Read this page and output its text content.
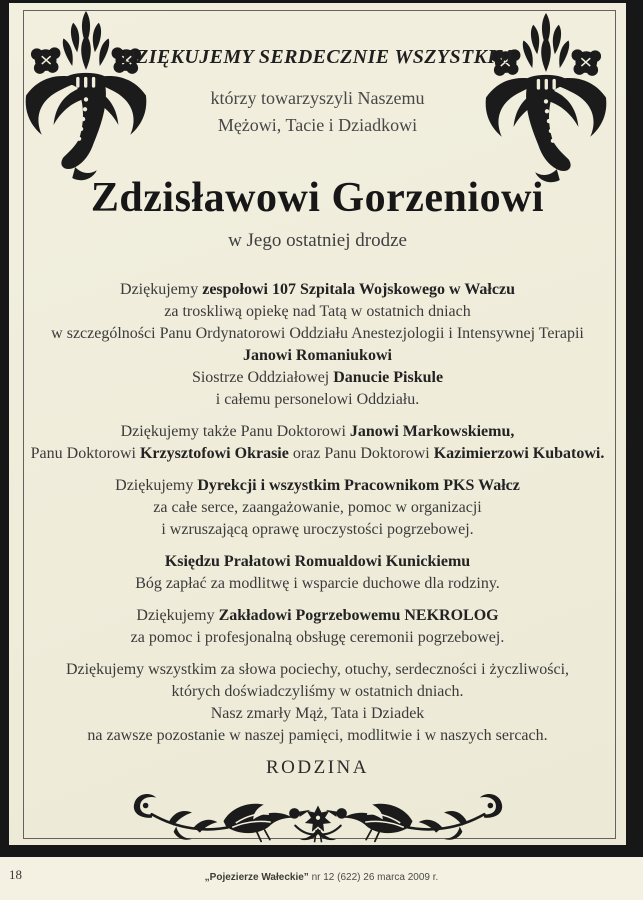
DZIĘKUJEMY SERDECZNIE WSZYSTKIM
którzy towarzyszyli Naszemu
Mężowi, Tacie i Dziadkowi
Zdzisławowi Gorzeniowi
w Jego ostatniej drodze
Dziękujemy zespołowi 107 Szpitala Wojskowego w Wałczu
za troskliwą opiekę nad Tatą w ostatnich dniach
w szczególności Panu Ordynatorowi Oddziału Anestezjologii i Intensywnej Terapii
Janowi Romaniukowi
Siostrze Oddziałowej Danucie Piskule
i całemu personelowi Oddziału.
Dziękujemy także Panu Doktorowi Janowi Markowskiemu,
Panu Doktorowi Krzysztofowi Okrasie oraz Panu Doktorowi Kazimierzowi Kubatowi.
Dziękujemy Dyrekcji i wszystkim Pracownikom PKS Wałcz
za całe serce, zaangażowanie, pomoc w organizacji
i wzruszającą oprawę uroczystości pogrzebowej.
Księdzu Prałatowi Romualdowi Kunickiemu
Bóg zapłać za modlitwę i wsparcie duchowe dla rodziny.
Dziękujemy Zakładowi Pogrzebowemu NEKROLOG
za pomoc i profesjonalną obsługę ceremonii pogrzebowej.
Dziękujemy wszystkim za słowa pociechy, otuchy, serdeczności i życzliwości,
których doświadczyliśmy w ostatnich dniach.
Nasz zmarły Mąż, Tata i Dziadek
na zawsze pozostanie w naszej pamięci, modlitwie i w naszych sercach.
RODZINA
18	„Pojezierze Wałeckie” nr 12 (622) 26 marca 2009 r.
